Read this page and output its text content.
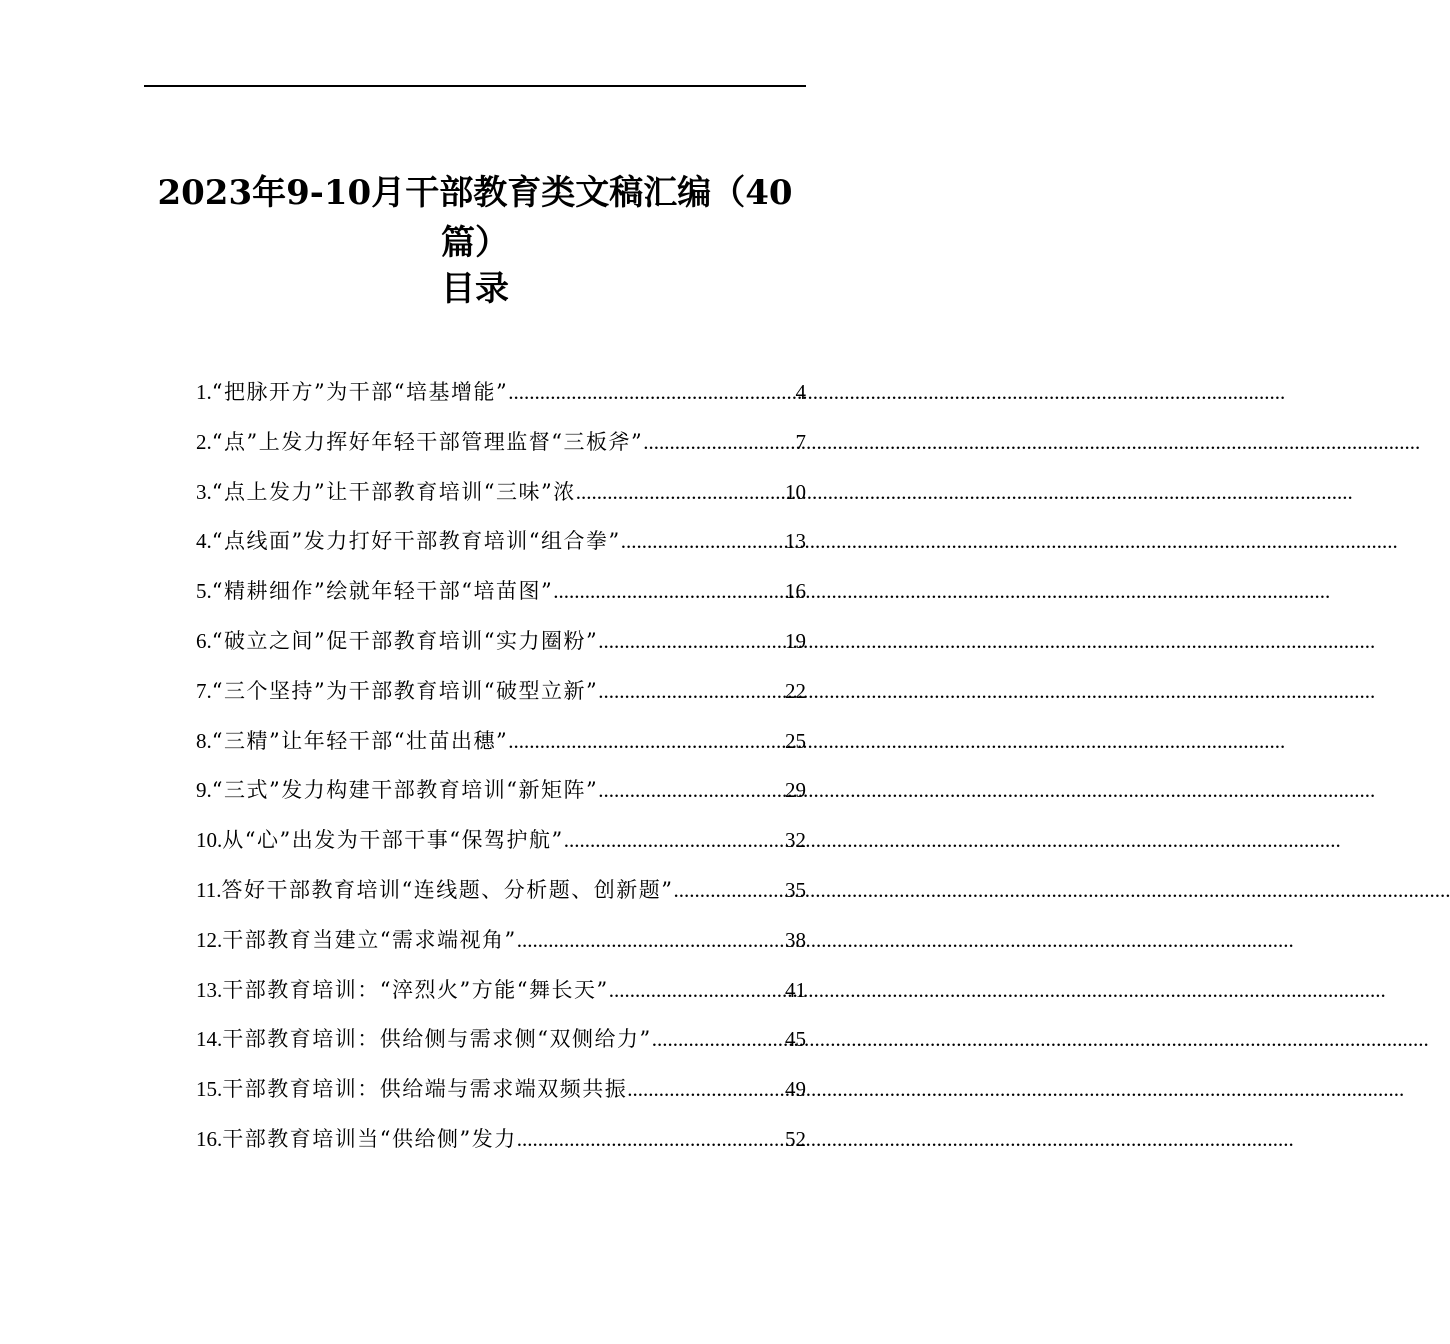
2023年9-10月干部教育类文稿汇编（40篇）
目录
1. “把脉开方”为干部“培基增能” .....	4
2. “点”上发力挥好年轻干部管理监督“三板斧” .....	7
3. “点上发力”让干部教育培训“三味”浓 .....	10
4. “点线面”发力打好干部教育培训“组合拳” .....	13
5. “精耕细作”绘就年轻干部“培苗图” .....	16
6. “破立之间”促干部教育培训“实力圈粉” .....	19
7. “三个坚持”为干部教育培训“破型立新” .....	22
8. “三精”让年轻干部“壮苗出穗” .....	25
9. “三式”发力构建干部教育培训“新矩阵” .....	29
10. 从“心”出发为干部干事“保驾护航” .....	32
11. 答好干部教育培训“连线题、分析题、创新题” .....	35
12. 干部教育当建立“需求端视角” .....	38
13. 干部教育培训：“淬烈火”方能“舞长天” .....	41
14. 干部教育培训：供给侧与需求侧“双侧给力” .....	45
15. 干部教育培训：供给端与需求端双频共振 .....	49
16. 干部教育培训当“供给侧”发力 .....	52
